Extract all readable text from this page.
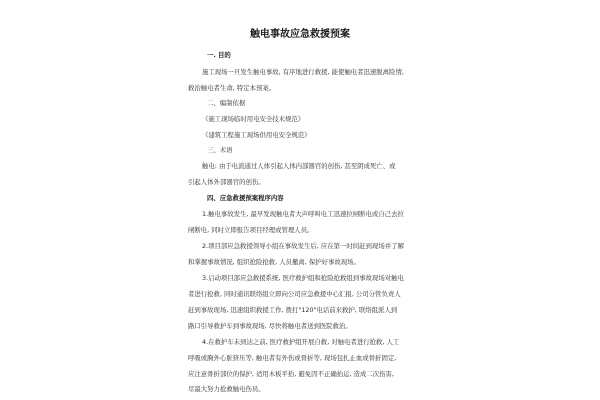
触电事故应急救援预案
一. 目的
施工现场一旦发生触电事故, 有序地进行救援, 能使触电者迅速脱离险情,
救治触电者生命, 特定本预案。
二、编制依据
《施工现场临时用电安全技术规范》
《建筑工程施工现场供用电安全规范》
三、术语
触电: 由于电流通过人体引起人体内部器官的创伤, 甚至阴成死亡、或
引起人体外部器官的创伤。
四、应急救援预案程序内容
1.触电事故发生, 最早发现触电者大声呼叫电工迅速拉闸断电或自己去拉
闸断电, 同时立即报告项目经理或管理人员。
2.项目部应急救援领导小组在事故发生后, 应在第一时间赶到现场并了解
和掌握事故情况, 组织抢险抢救, 人员撤离, 保护好事故现场。
3.启动项目部应急救援系统, 医疗救护组和抢险抢救组到事故现场对触电
者进行抢救, 同时通讯联络组立即向公司应急救援中心汇报, 公司分管负责人
赶到事故现场, 迅速组织救援工作, 拨打"120"电话前来救护, 联络组派人到
路口引导救护车到事故现场, 尽快将触电者送到医院救治。
4.在救护车未到达之前, 医疗救护组开展自救, 对触电者进行抢救, 人工
呼吸或胸外心脏挤压等, 触电者有外伤或骨折等, 现场包扎止血或骨折固定,
应注意骨折部位的保护, 适用木板平抬, 避免因不正确抬运, 造成二次伤害,
尽最大努力抢救触电伤员。
